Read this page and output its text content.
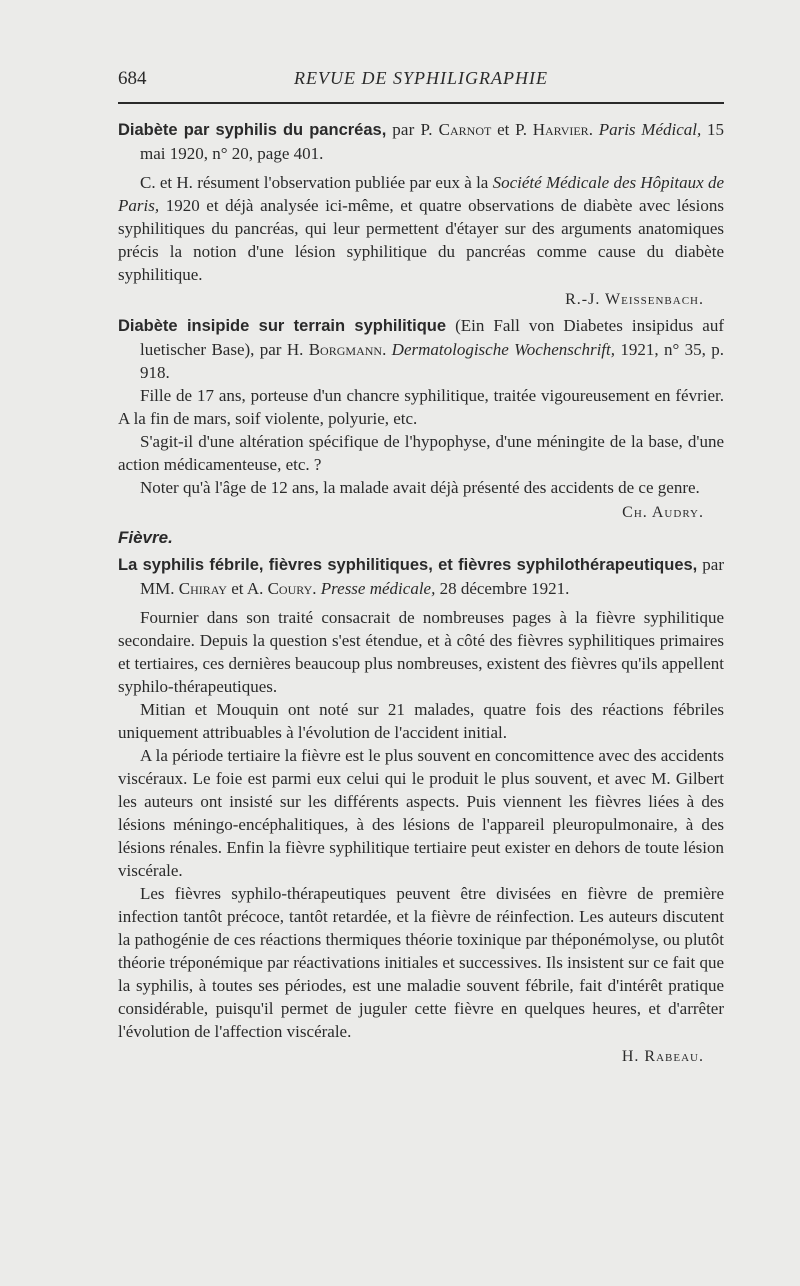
684	REVUE DE SYPHILIGRAPHIE
Diabète par syphilis du pancréas, par P. Carnot et P. Harvier. Paris Médical, 15 mai 1920, n° 20, page 401.

C. et H. résument l'observation publiée par eux à la Société Médicale des Hôpitaux de Paris, 1920 et déjà analysée ici-même, et quatre observations de diabète avec lésions syphilitiques du pancréas, qui leur permettent d'étayer sur des arguments anatomiques précis la notion d'une lésion syphilitique du pancréas comme cause du diabète syphilitique.

R.-J. Weissenbach.
Diabète insipide sur terrain syphilitique (Ein Fall von Diabetes insipidus auf luetischer Base), par H. Borgmann. Dermatologische Wochenschrift, 1921, n° 35, p. 918.

Fille de 17 ans, porteuse d'un chancre syphilitique, traitée vigoureusement en février. A la fin de mars, soif violente, polyurie, etc.

S'agit-il d'une altération spécifique de l'hypophyse, d'une méningite de la base, d'une action médicamenteuse, etc. ?

Noter qu'à l'âge de 12 ans, la malade avait déjà présenté des accidents de ce genre.

Ch. Audry.
Fièvre.
La syphilis fébrile, fièvres syphilitiques, et fièvres syphilothérapeutiques, par MM. Chiray et A. Coury. Presse médicale, 28 décembre 1921.

Fournier dans son traité consacrait de nombreuses pages à la fièvre syphilitique secondaire. Depuis la question s'est étendue, et à côté des fièvres syphilitiques primaires et tertiaires, ces dernières beaucoup plus nombreuses, existent des fièvres qu'ils appellent syphilo-thérapeutiques.

Mitian et Mouquin ont noté sur 21 malades, quatre fois des réactions fébriles uniquement attribuables à l'évolution de l'accident initial.

A la période tertiaire la fièvre est le plus souvent en concomittence avec des accidents viscéraux. Le foie est parmi eux celui qui le produit le plus souvent, et avec M. Gilbert les auteurs ont insisté sur les différents aspects. Puis viennent les fièvres liées à des lésions méningo-encéphalitiques, à des lésions de l'appareil pleuropulmonaire, à des lésions rénales. Enfin la fièvre syphilitique tertiaire peut exister en dehors de toute lésion viscérale.

Les fièvres syphilo-thérapeutiques peuvent être divisées en fièvre de première infection tantôt précoce, tantôt retardée, et la fièvre de réinfection. Les auteurs discutent la pathogénie de ces réactions thermiques théorie toxinique par théponémolyse, ou plutôt théorie tréponémique par réactivations initiales et successives. Ils insistent sur ce fait que la syphilis, à toutes ses périodes, est une maladie souvent fébrile, fait d'intérêt pratique considérable, puisqu'il permet de juguler cette fièvre en quelques heures, et d'arrêter l'évolution de l'affection viscérale.

H. Rabeau.
